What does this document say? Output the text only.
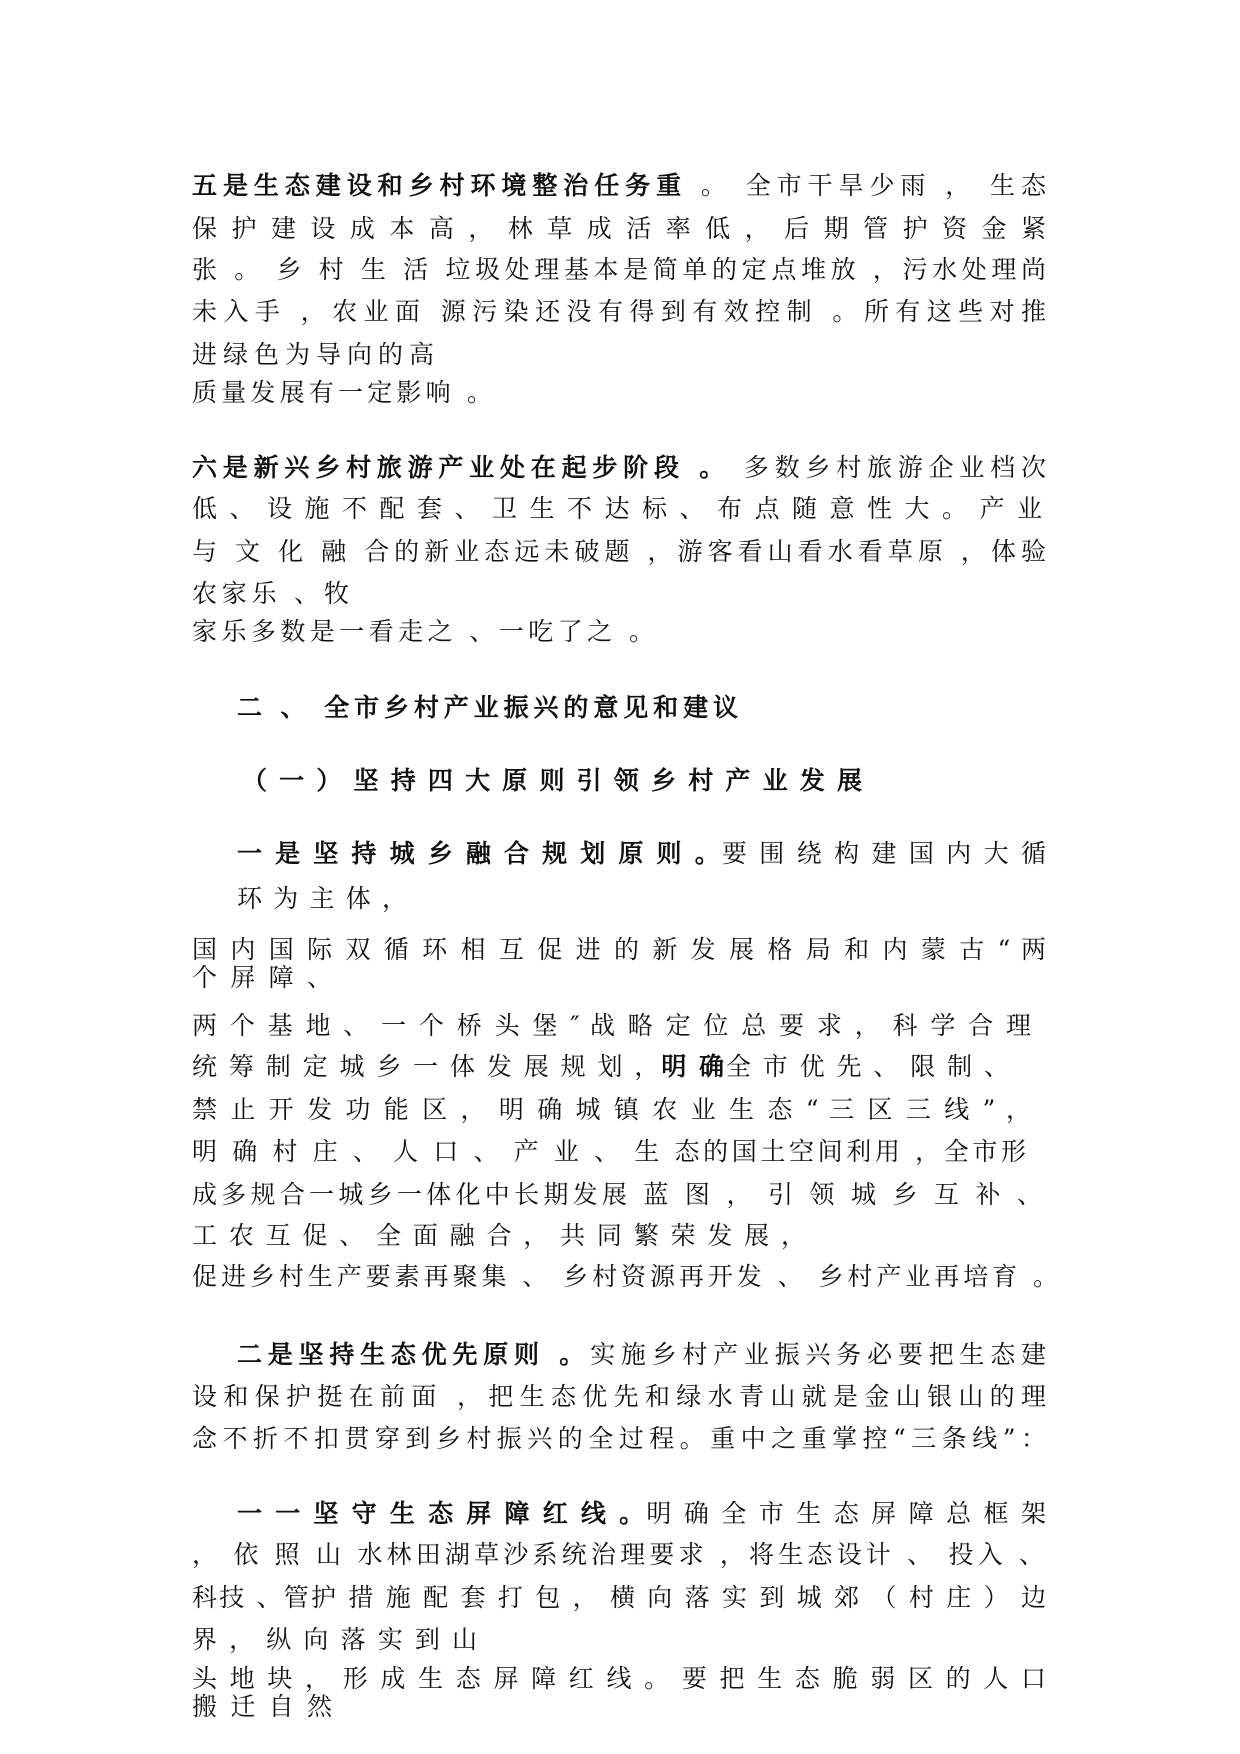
五是生态建设和乡村环境整治任务重 。 全市干旱少雨 ， 生态
保 护 建 设 成 本 高 ， 林 草 成 活 率 低 ， 后 期 管 护 资 金 紧
张 。 乡 村 生 活 垃圾处理基本是简单的定点堆放 ，污水处理尚
未入手 ，农业面 源污染还没有得到有效控制 。所有这些对推
进绿色为导向的高
质量发展有一定影响 。
六是新兴乡村旅游产业处在起步阶段 。 多数乡村旅游企业档次
低 、 设 施 不 配 套 、 卫 生 不 达 标 、 布 点 随 意 性 大 。 产 业
与 文 化 融 合的新业态远未破题 ，游客看山看水看草原 ，体验
农家乐 、牧
家乐多数是一看走之 、一吃了之 。
二 、 全市乡村产业振兴的意见和建议
（ 一 ） 坚 持 四 大 原 则 引 领 乡 村 产 业 发 展
一 是 坚 持 城 乡 融 合 规 划 原 则 。要 围 绕 构 建 国 内 大 循
环 为 主 体 ，
国 内 国 际 双 循 环 相 互 促 进 的 新 发 展 格 局 和 内 蒙 古 “ 两
个 屏 障 、
两 个 基 地 、 一 个 桥 头 堡 ″ 战 略 定 位 总 要 求 ， 科 学 合 理
统 筹 制 定 城 乡 一 体 发 展 规 划 ，明 确全 市 优 先 、 限 制 、
禁 止 开 发 功 能 区 ， 明 确 城 镇 农 业 生 态 “ 三 区 三 线 ” ，
明 确 村 庄 、 人 口 、 产 业 、 生 态的国土空间利用 ，全市形
成多规合一城乡一体化中长期发展 蓝 图 ， 引 领 城 乡 互 补 、
工 农 互 促 、 全 面 融 合 ， 共 同 繁 荣 发 展 ，
促进乡村生产要素再聚集 、 乡村资源再开发 、 乡村产业再培育 。
二是坚持生态优先原则 。实施乡村产业振兴务必要把生态建
设和保护挺在前面 ，把生态优先和绿水青山就是金山银山的理
念不折不扣贯穿到乡村振兴的全过程。重中之重掌控“三条线”：
一 一 坚 守 生 态 屏 障 红 线 。明 确 全 市 生 态 屏 障 总 框 架
， 依 照 山 水林田湖草沙系统治理要求 ，将生态设计 、 投入 、
科技 、管护 措 施 配 套 打 包 ， 横 向 落 实 到 城 郊 （ 村 庄 ） 边
界 ， 纵 向 落 实 到 山
头 地 块 ， 形 成 生 态 屏 障 红 线 。 要 把 生 态 脆 弱 区 的 人 口
搬 迁 自 然
